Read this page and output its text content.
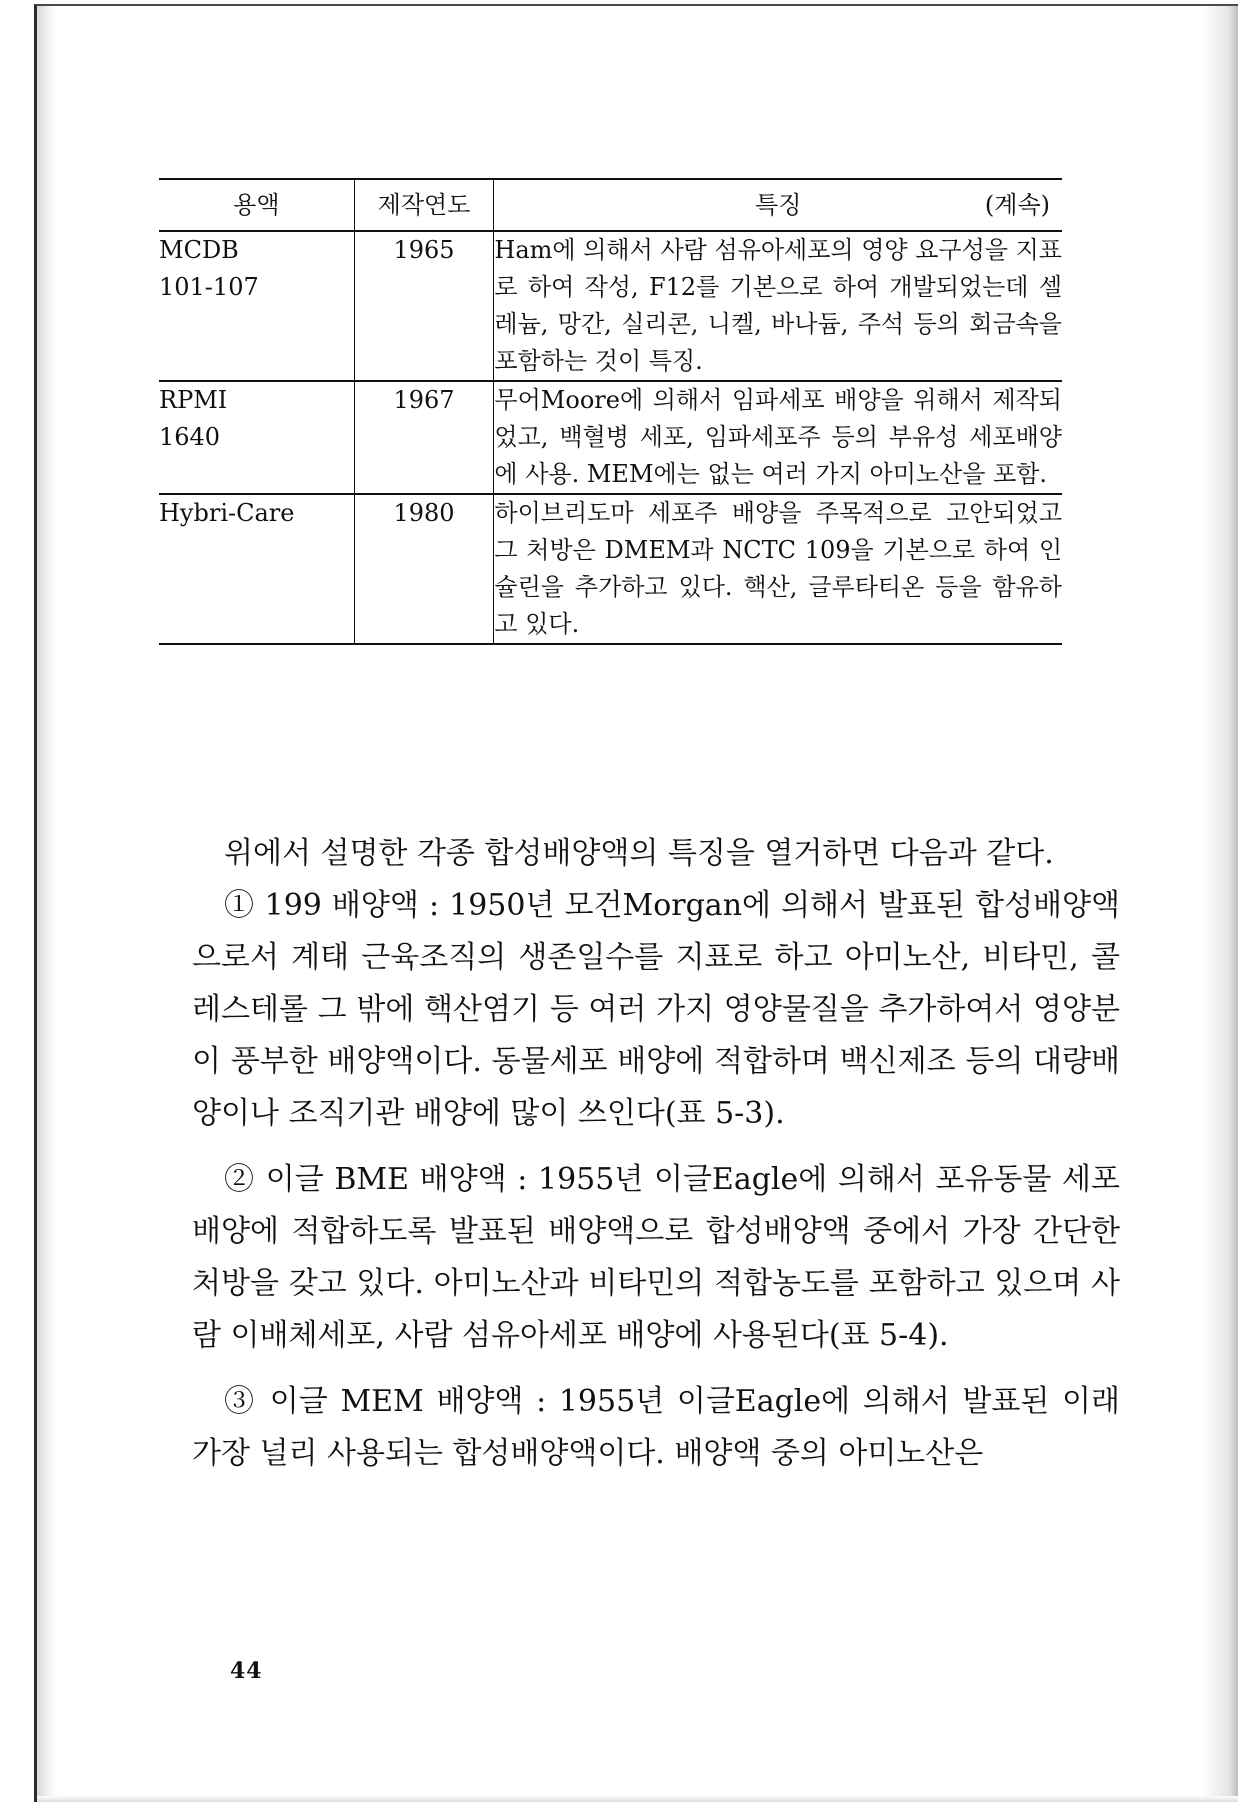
용액	제작연도	특징 (계속)

MCDB
101-107	1965	Ham에 의해서 사람 섬유아세포의 영양 요구성을 지표로 하여 작성, F12를 기본으로 하여 개발되었는데 셀레늄, 망간, 실리콘, 니켈, 바나듐, 주석 등의 회금속을 포함하는 것이 특징.

RPMI
1640	1967	무어Moore에 의해서 임파세포 배양을 위해서 제작되었고, 백혈병 세포, 임파세포주 등의 부유성 세포배양에 사용. MEM에는 없는 여러 가지 아미노산을 포함.

Hybri-Care	1980	하이브리도마 세포주 배양을 주목적으로 고안되었고 그 처방은 DMEM과 NCTC 109을 기본으로 하여 인슐린을 추가하고 있다. 핵산, 글루타티온 등을 함유하고 있다.

위에서 설명한 각종 합성배양액의 특징을 열거하면 다음과 같다.

① 199 배양액 : 1950년 모건Morgan에 의해서 발표된 합성배양액으로서 계태 근육조직의 생존일수를 지표로 하고 아미노산, 비타민, 콜레스테롤 그 밖에 핵산염기 등 여러 가지 영양물질을 추가하여서 영양분이 풍부한 배양액이다. 동물세포 배양에 적합하며 백신제조 등의 대량배양이나 조직기관 배양에 많이 쓰인다(표 5-3).

② 이글 BME 배양액 : 1955년 이글Eagle에 의해서 포유동물 세포배양에 적합하도록 발표된 배양액으로 합성배양액 중에서 가장 간단한 처방을 갖고 있다. 아미노산과 비타민의 적합농도를 포함하고 있으며 사람 이배체세포, 사람 섬유아세포 배양에 사용된다(표 5-4).

③ 이글 MEM 배양액 : 1955년 이글Eagle에 의해서 발표된 이래 가장 널리 사용되는 합성배양액이다. 배양액 중의 아미노산은

44
